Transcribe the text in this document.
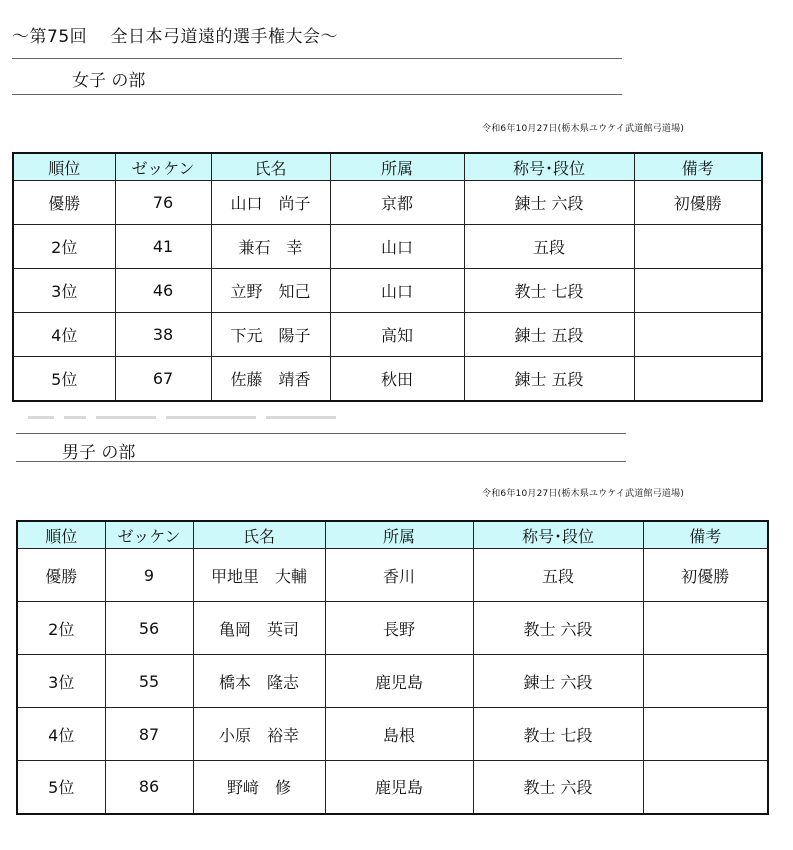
～第75回　 全日本弓道遠的選手権大会～
女子 の部
令和6年10月27日(栃木県ユウケイ武道館弓道場)
順位	ゼッケン	氏名	所属	称号･段位	備考
優勝	76	山口　尚子	京都	錬士 六段	初優勝
2位	41	兼石　幸	山口	五段	
3位	46	立野　知己	山口	教士 七段	
4位	38	下元　陽子	高知	錬士 五段	
5位	67	佐藤　靖香	秋田	錬士 五段	
男子 の部
令和6年10月27日(栃木県ユウケイ武道館弓道場)
順位	ゼッケン	氏名	所属	称号･段位	備考
優勝	9	甲地里　大輔	香川	五段	初優勝
2位	56	亀岡　英司	長野	教士 六段	
3位	55	橋本　隆志	鹿児島	錬士 六段	
4位	87	小原　裕幸	島根	教士 七段	
5位	86	野﨑　修	鹿児島	教士 六段	
